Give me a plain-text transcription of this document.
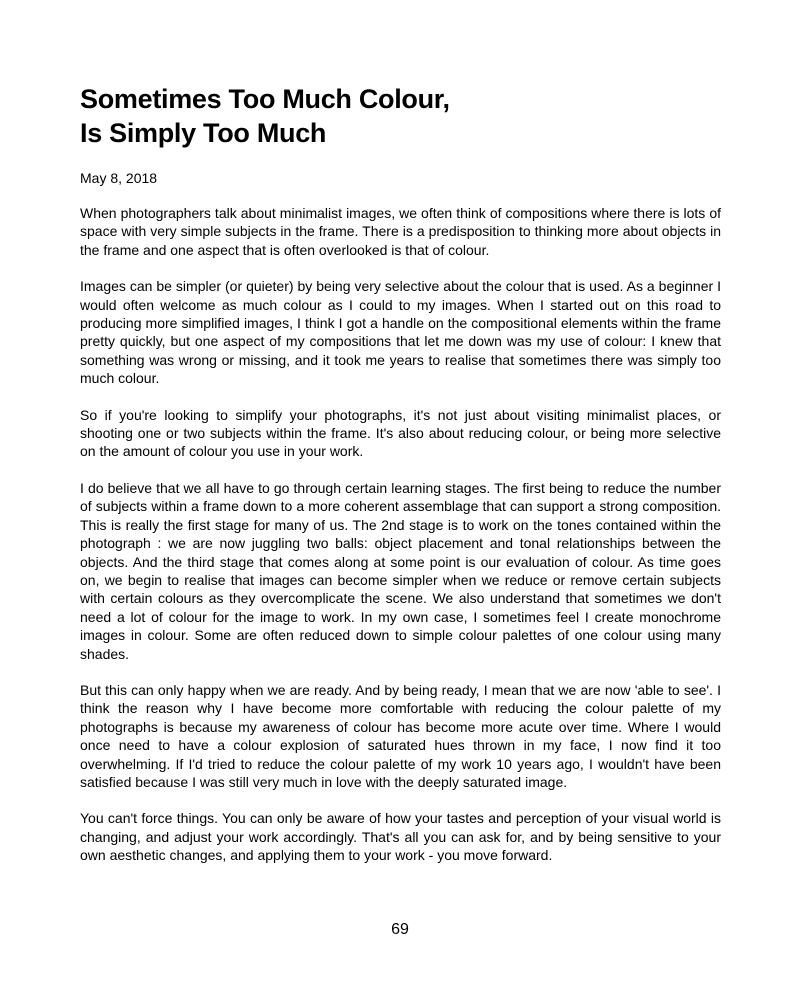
Sometimes Too Much Colour,
Is Simply Too Much

May 8, 2018

When photographers talk about minimalist images, we often think of compositions where there is lots of space with very simple subjects in the frame. There is a predisposition to thinking more about objects in the frame and one aspect that is often overlooked is that of colour.

Images can be simpler (or quieter) by being very selective about the colour that is used. As a beginner I would often welcome as much colour as I could to my images. When I started out on this road to producing more simplified images, I think I got a handle on the compositional elements within the frame pretty quickly, but one aspect of my compositions that let me down was my use of colour: I knew that something was wrong or missing, and it took me years to realise that sometimes there was simply too much colour.

So if you're looking to simplify your photographs, it's not just about visiting minimalist places, or shooting one or two subjects within the frame. It's also about reducing colour, or being more selective on the amount of colour you use in your work.

I do believe that we all have to go through certain learning stages. The first being to reduce the number of subjects within a frame down to a more coherent assemblage that can support a strong composition. This is really the first stage for many of us. The 2nd stage is to work on the tones contained within the photograph : we are now juggling two balls: object placement and tonal relationships between the objects. And the third stage that comes along at some point is our evaluation of colour. As time goes on, we begin to realise that images can become simpler when we reduce or remove certain subjects with certain colours as they overcomplicate the scene. We also understand that sometimes we don't need a lot of colour for the image to work. In my own case, I sometimes feel I create monochrome images in colour. Some are often reduced down to simple colour palettes of one colour using many shades.

But this can only happy when we are ready. And by being ready, I mean that we are now 'able to see'. I think the reason why I have become more comfortable with reducing the colour palette of my photographs is because my awareness of colour has become more acute over time. Where I would once need to have a colour explosion of saturated hues thrown in my face, I now find it too overwhelming. If I'd tried to reduce the colour palette of my work 10 years ago, I wouldn't have been satisfied because I was still very much in love with the deeply saturated image.

You can't force things. You can only be aware of how your tastes and perception of your visual world is changing, and adjust your work accordingly. That's all you can ask for, and by being sensitive to your own aesthetic changes, and applying them to your work - you move forward.

69
